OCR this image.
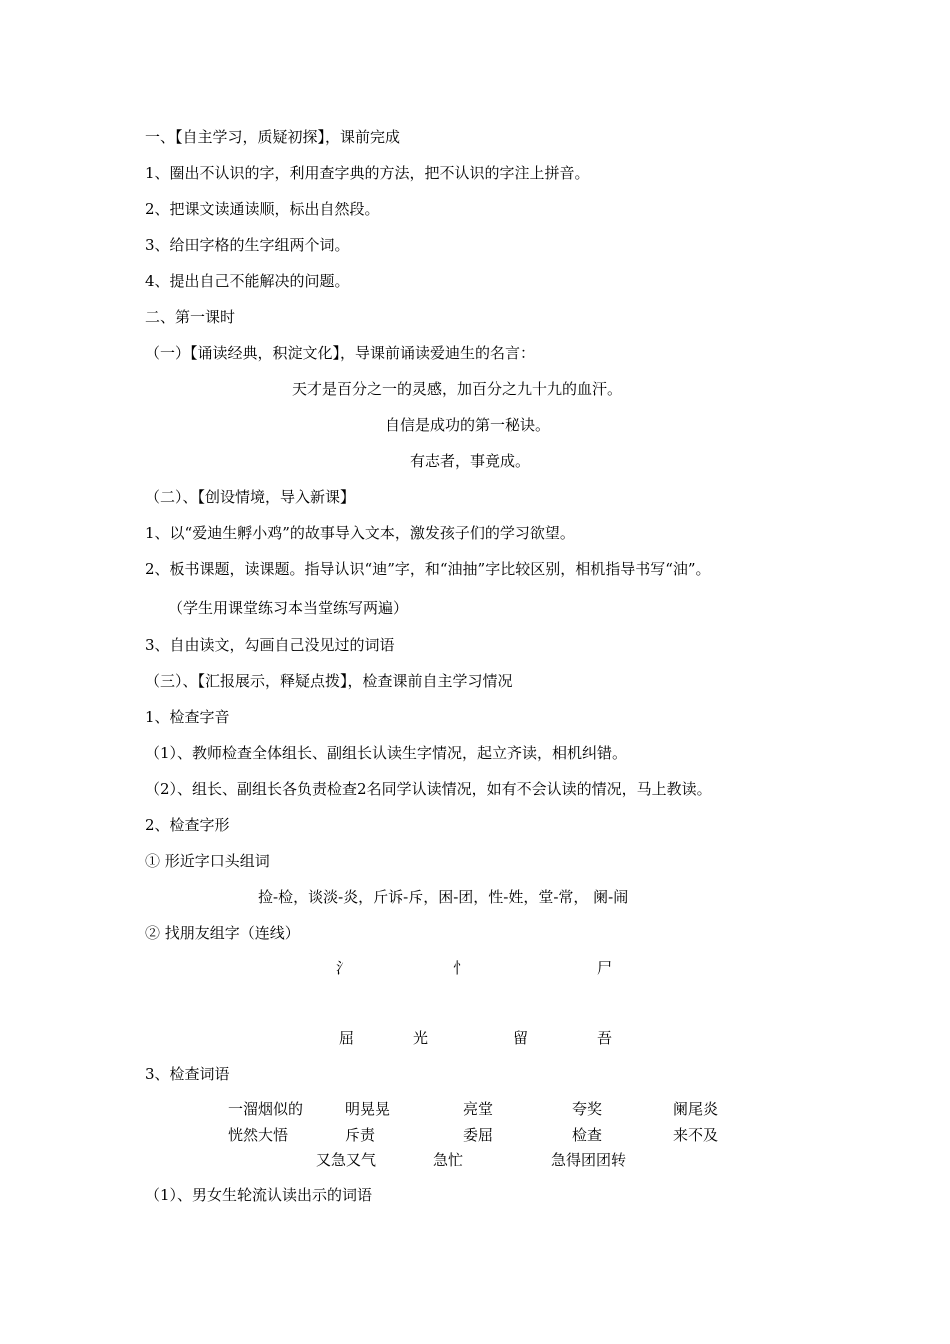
一、【自主学习，质疑初探】，课前完成
1、圈出不认识的字，利用查字典的方法，把不认识的字注上拼音。
2、把课文读通读顺，标出自然段。
3、给田字格的生字组两个词。
4、提出自己不能解决的问题。
二、第一课时
（一）【诵读经典，积淀文化】，导课前诵读爱迪生的名言：
天才是百分之一的灵感，加百分之九十九的血汗。
自信是成功的第一秘诀。
有志者，事竟成。
（二）、【创设情境，导入新课】
1、以“爱迪生孵小鸡”的故事导入文本，激发孩子们的学习欲望。
2、板书课题，读课题。指导认识“迪”字，和“油抽”字比较区别，相机指导书写“油”。
（学生用课堂练习本当堂练写两遍）
3、自由读文，勾画自己没见过的词语
（三）、【汇报展示，释疑点拨】，检查课前自主学习情况
1、检查字音
（1）、教师检查全体组长、副组长认读生字情况，起立齐读，相机纠错。
（2）、组长、副组长各负责检查2名同学认读情况，如有不会认读的情况，马上教读。
2、检查字形
① 形近字口头组词
捡-检，谈淡-炎，斤诉-斥，困-团，性-姓，堂-常， 阑-闹
② 找朋友组字（连线）
氵	忄	尸
屈	光	留	吾
3、检查词语
一溜烟似的	明晃晃	亮堂	夸奖	阑尾炎
恍然大悟	斥责	委屈	检查	来不及
又急又气	急忙	急得团团转
（1）、男女生轮流认读出示的词语
